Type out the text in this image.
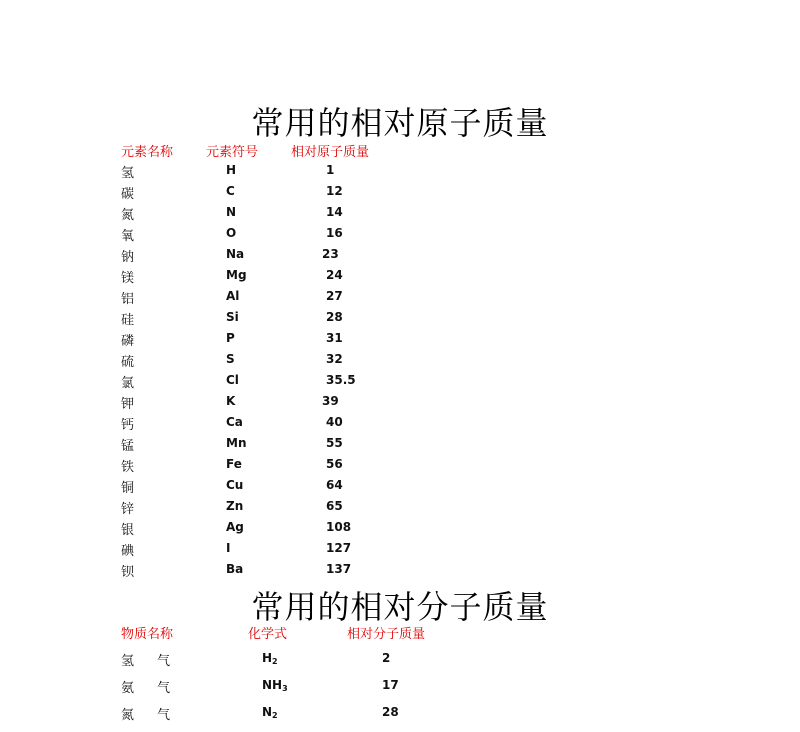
常用的相对原子质量
元素名称	元素符号	相对原子质量
氢	H	1
碳	C	12
氮	N	14
氧	O	16
钠	Na	23
镁	Mg	24
铝	Al	27
硅	Si	28
磷	P	31
硫	S	32
氯	Cl	35.5
钾	K	39
钙	Ca	40
锰	Mn	55
铁	Fe	56
铜	Cu	64
锌	Zn	65
银	Ag	108
碘	I	127
钡	Ba	137
常用的相对分子质量
物质名称	化学式	相对分子质量
氢 气	$H_2$	2
氨 气	$NH_3$	17
氮 气	$N_2$	28
